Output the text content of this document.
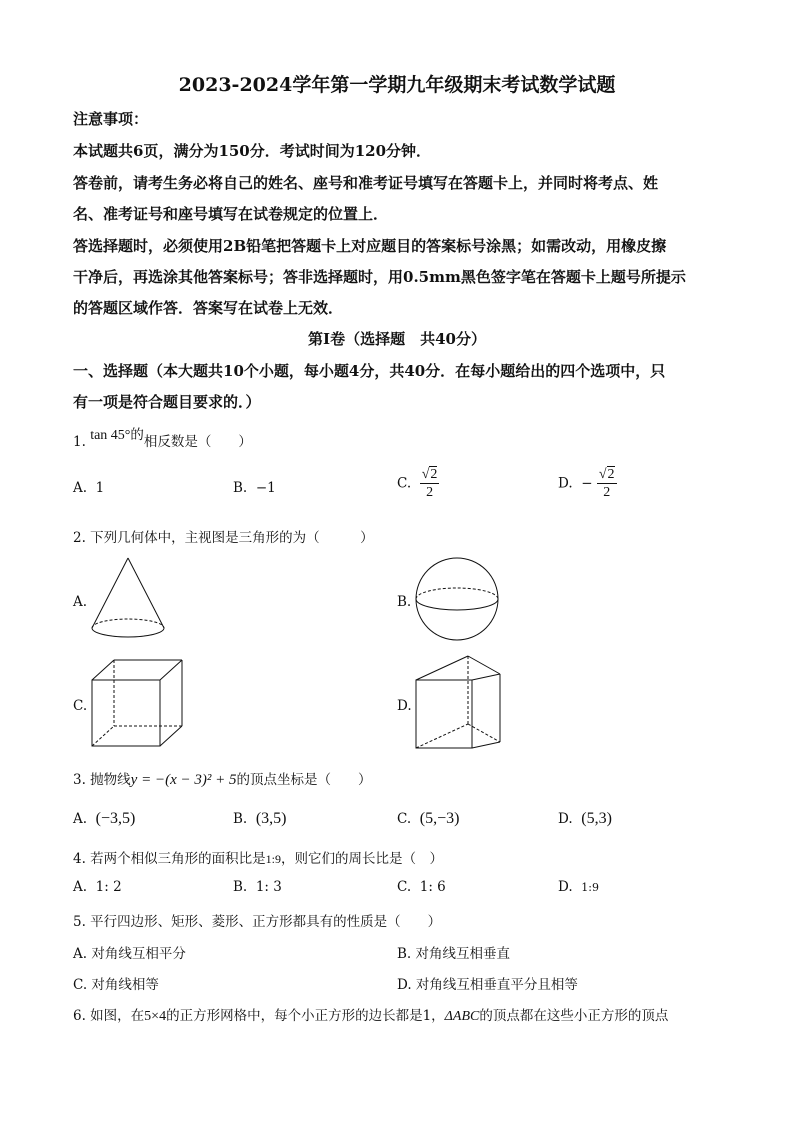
2023-2024学年第一学期九年级期末考试数学试题
注意事项：
本试题共6页，满分为150分．考试时间为120分钟．
答卷前，请考生务必将自己的姓名、座号和准考证号填写在答题卡上，并同时将考点、姓
名、准考证号和座号填写在试卷规定的位置上．
答选择题时，必须使用2B铅笔把答题卡上对应题目的答案标号涂黑；如需改动，用橡皮擦
干净后，再选涂其他答案标号；答非选择题时，用0.5mm黑色签字笔在答题卡上题号所提示
的答题区域作答．答案写在试卷上无效．
第Ⅰ卷（选择题　共40分）
一、选择题（本大题共10个小题，每小题4分，共40分．在每小题给出的四个选项中，只
有一项是符合题目要求的．）
1. tan 45°的相反数是（　　）
A. 1	B. −1	C. $\frac{√2}{2}$	D. − $\frac{√2}{2}$
2. 下列几何体中，主视图是三角形的为（　　　）
A.	B.
C.	D.
3. 抛物线y = −(x − 3)² + 5的顶点坐标是（　　）
A. (−3,5)	B. (3,5)	C. (5,−3)	D. (5,3)
4. 若两个相似三角形的面积比是1:9，则它们的周长比是（　）
A. 1: 2	B. 1: 3	C. 1: 6	D. 1:9
5. 平行四边形、矩形、菱形、正方形都具有的性质是（　　）
A. 对角线互相平分	B. 对角线互相垂直
C. 对角线相等	D. 对角线互相垂直平分且相等
6. 如图，在5×4的正方形网格中，每个小正方形的边长都是1，ΔABC的顶点都在这些小正方形的顶点
